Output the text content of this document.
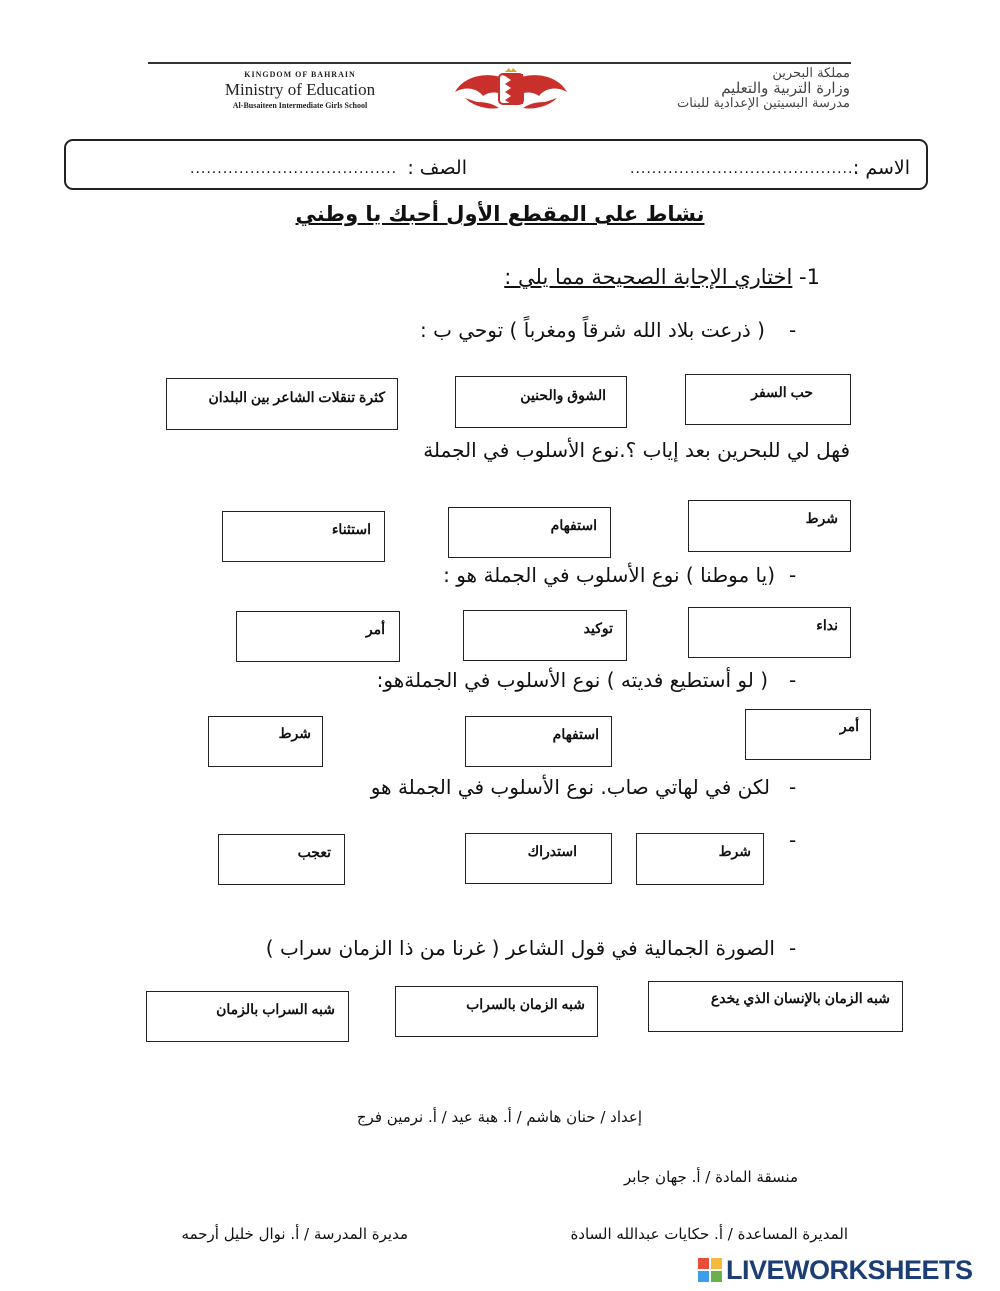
KINGDOM OF BAHRAIN
Ministry of Education
Al-Busaiteen Intermediate Girls School
مملكة البحرين
وزارة التربية والتعليم
مدرسة البسيتين الإعدادية للبنات
الاسم :
..........................................
الصف :
......................................
نشاط على المقطع الأول أحبك يا وطني
1- اختاري الإجابة الصحيحة مما يلي :
-
( ذرعت بلاد الله شرقاً ومغرباً ) توحي ب :
حب السفر
الشوق والحنين
كثرة تنقلات الشاعر بين البلدان
فهل لي للبحرين بعد إياب ؟.نوع الأسلوب في الجملة
شرط
استفهام
استثناء
-
(يا موطنا ) نوع الأسلوب في الجملة هو :
نداء
توكيد
أمر
-
( لو أستطيع فديته ) نوع الأسلوب في الجملةهو:
أمر
استفهام
شرط
-
لكن في لهاتي صاب. نوع الأسلوب في الجملة هو
-
شرط
استدراك
تعجب
-
الصورة الجمالية في قول الشاعر ( غرنا من ذا الزمان سراب )
شبه الزمان بالإنسان الذي يخدع
شبه الزمان بالسراب
شبه السراب بالزمان
إعداد / حنان هاشم / أ. هبة عيد / أ. نرمين فرج
منسقة المادة / أ. جهان جابر
المديرة المساعدة / أ. حكايات عبدالله السادة
مديرة المدرسة / أ. نوال خليل أرحمه
LIVEWORKSHEETS
